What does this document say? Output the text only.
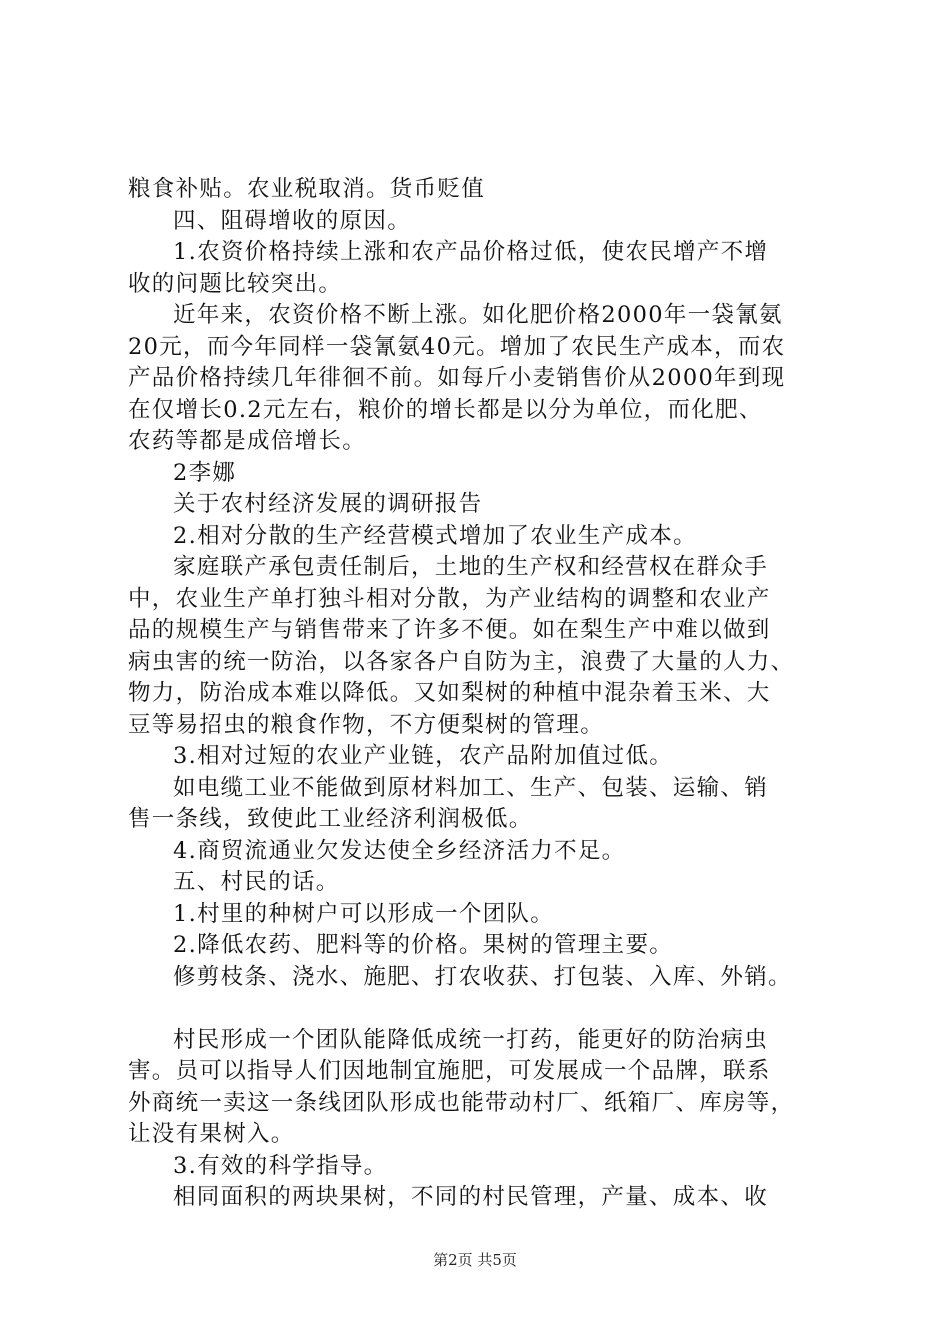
粮食补贴。农业税取消。货币贬值
四、阻碍增收的原因。
1.农资价格持续上涨和农产品价格过低，使农民增产不增
收的问题比较突出。
近年来，农资价格不断上涨。如化肥价格2000年一袋氰氨
20元，而今年同样一袋氰氨40元。增加了农民生产成本，而农
产品价格持续几年徘徊不前。如每斤小麦销售价从2000年到现
在仅增长0.2元左右，粮价的增长都是以分为单位，而化肥、
农药等都是成倍增长。
2李娜
关于农村经济发展的调研报告
2.相对分散的生产经营模式增加了农业生产成本。
家庭联产承包责任制后，土地的生产权和经营权在群众手
中，农业生产单打独斗相对分散，为产业结构的调整和农业产
品的规模生产与销售带来了许多不便。如在梨生产中难以做到
病虫害的统一防治，以各家各户自防为主，浪费了大量的人力、
物力，防治成本难以降低。又如梨树的种植中混杂着玉米、大
豆等易招虫的粮食作物，不方便梨树的管理。
3.相对过短的农业产业链，农产品附加值过低。
如电缆工业不能做到原材料加工、生产、包装、运输、销
售一条线，致使此工业经济利润极低。
4.商贸流通业欠发达使全乡经济活力不足。
五、村民的话。
1.村里的种树户可以形成一个团队。
2.降低农药、肥料等的价格。果树的管理主要。
修剪枝条、浇水、施肥、打农收获、打包装、入库、外销。
村民形成一个团队能降低成统一打药，能更好的防治病虫
害。员可以指导人们因地制宜施肥，可发展成一个品牌，联系
外商统一卖这一条线团队形成也能带动村厂、纸箱厂、库房等，
让没有果树入。
3.有效的科学指导。
相同面积的两块果树，不同的村民管理，产量、成本、收
第2页 共5页
